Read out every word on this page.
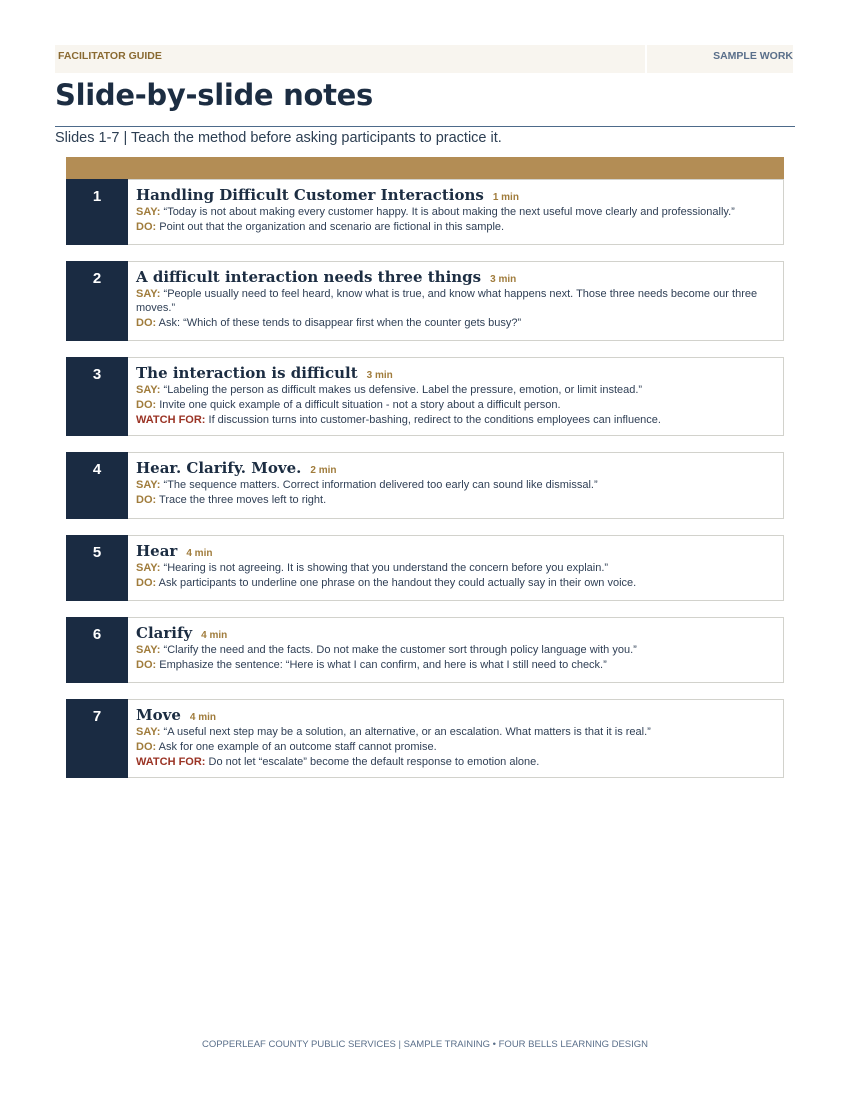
FACILITATOR GUIDE	SAMPLE WORK
Slide-by-slide notes
Slides 1-7 | Teach the method before asking participants to practice it.
1	Handling Difficult Customer Interactions 1 min
SAY: “Today is not about making every customer happy. It is about making the next useful move clearly and professionally.”
DO: Point out that the organization and scenario are fictional in this sample.
2	A difficult interaction needs three things 3 min
SAY: “People usually need to feel heard, know what is true, and know what happens next. Those three needs become our three moves.”
DO: Ask: “Which of these tends to disappear first when the counter gets busy?”
3	The interaction is difficult 3 min
SAY: “Labeling the person as difficult makes us defensive. Label the pressure, emotion, or limit instead.”
DO: Invite one quick example of a difficult situation - not a story about a difficult person.
WATCH FOR: If discussion turns into customer-bashing, redirect to the conditions employees can influence.
4	Hear. Clarify. Move. 2 min
SAY: “The sequence matters. Correct information delivered too early can sound like dismissal.”
DO: Trace the three moves left to right.
5	Hear 4 min
SAY: “Hearing is not agreeing. It is showing that you understand the concern before you explain.”
DO: Ask participants to underline one phrase on the handout they could actually say in their own voice.
6	Clarify 4 min
SAY: “Clarify the need and the facts. Do not make the customer sort through policy language with you.”
DO: Emphasize the sentence: “Here is what I can confirm, and here is what I still need to check.”
7	Move 4 min
SAY: “A useful next step may be a solution, an alternative, or an escalation. What matters is that it is real.”
DO: Ask for one example of an outcome staff cannot promise.
WATCH FOR: Do not let “escalate” become the default response to emotion alone.
COPPERLEAF COUNTY PUBLIC SERVICES | SAMPLE TRAINING • FOUR BELLS LEARNING DESIGN
